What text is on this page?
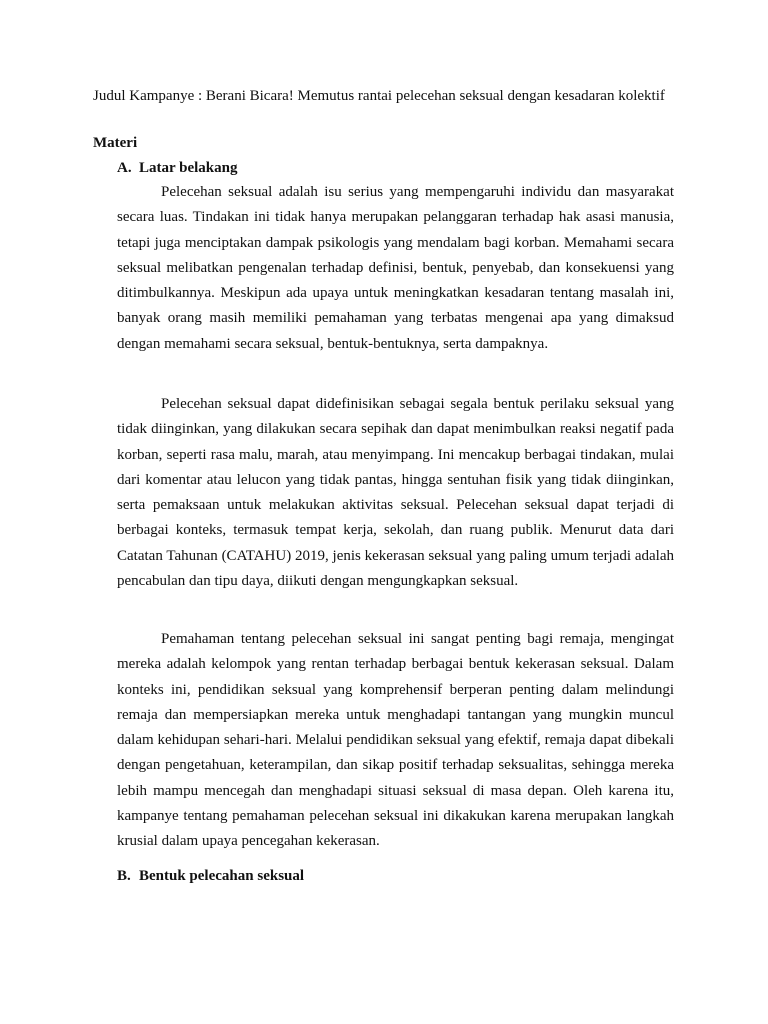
Judul Kampanye : Berani Bicara! Memutus rantai pelecehan seksual dengan kesadaran kolektif

Materi
A. Latar belakang

Pelecehan seksual adalah isu serius yang mempengaruhi individu dan masyarakat secara luas. Tindakan ini tidak hanya merupakan pelanggaran terhadap hak asasi manusia, tetapi juga menciptakan dampak psikologis yang mendalam bagi korban. Memahami secara seksual melibatkan pengenalan terhadap definisi, bentuk, penyebab, dan konsekuensi yang ditimbulkannya. Meskipun ada upaya untuk meningkatkan kesadaran tentang masalah ini, banyak orang masih memiliki pemahaman yang terbatas mengenai apa yang dimaksud dengan memahami secara seksual, bentuk-bentuknya, serta dampaknya.

Pelecehan seksual dapat didefinisikan sebagai segala bentuk perilaku seksual yang tidak diinginkan, yang dilakukan secara sepihak dan dapat menimbulkan reaksi negatif pada korban, seperti rasa malu, marah, atau menyimpang. Ini mencakup berbagai tindakan, mulai dari komentar atau lelucon yang tidak pantas, hingga sentuhan fisik yang tidak diinginkan, serta pemaksaan untuk melakukan aktivitas seksual. Pelecehan seksual dapat terjadi di berbagai konteks, termasuk tempat kerja, sekolah, dan ruang publik. Menurut data dari Catatan Tahunan (CATAHU) 2019, jenis kekerasan seksual yang paling umum terjadi adalah pencabulan dan tipu daya, diikuti dengan mengungkapkan seksual.

Pemahaman tentang pelecehan seksual ini sangat penting bagi remaja, mengingat mereka adalah kelompok yang rentan terhadap berbagai bentuk kekerasan seksual. Dalam konteks ini, pendidikan seksual yang komprehensif berperan penting dalam melindungi remaja dan mempersiapkan mereka untuk menghadapi tantangan yang mungkin muncul dalam kehidupan sehari-hari. Melalui pendidikan seksual yang efektif, remaja dapat dibekali dengan pengetahuan, keterampilan, dan sikap positif terhadap seksualitas, sehingga mereka lebih mampu mencegah dan menghadapi situasi seksual di masa depan. Oleh karena itu, kampanye tentang pemahaman pelecehan seksual ini dikakukan karena merupakan langkah krusial dalam upaya pencegahan kekerasan.

B. Bentuk pelecahan seksual
